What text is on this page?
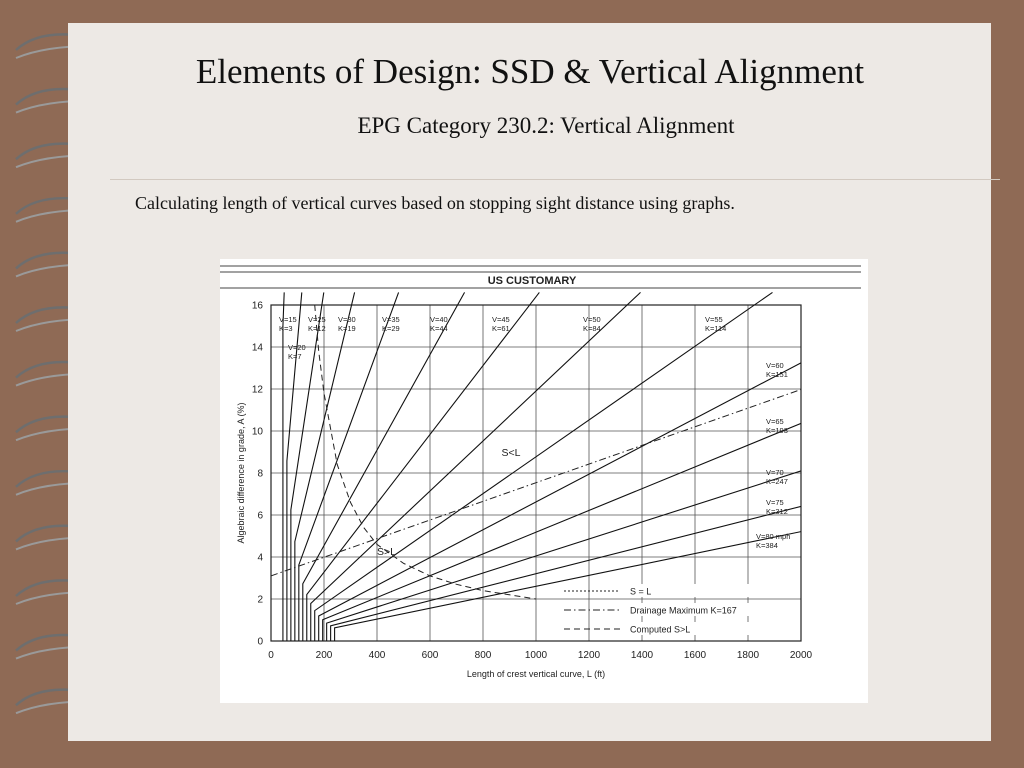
Elements of Design: SSD & Vertical Alignment
EPG Category 230.2: Vertical Alignment
Calculating length of vertical curves based on stopping sight distance using graphs.
US CUSTOMARY
0	200	400	600	800	1000	1200	1400	1600	1800	2000
0
2
4
6
8
10
12
14
16
Length of crest vertical curve, L (ft)
Algebraic difference in grade, A (%)
V=15
K=3
V=20
K=7
V=25
K=12
V=30
K=19
V=35
K=29
V=40
K=44
V=45
K=61
V=50
K=84
V=55
K=114
V=60
K=151
V=65
K=193
V=70
K=247
V=75
K=312
V=80 mph
K=384
S<L
S>L
S = L
Drainage Maximum K=167
Computed S>L
